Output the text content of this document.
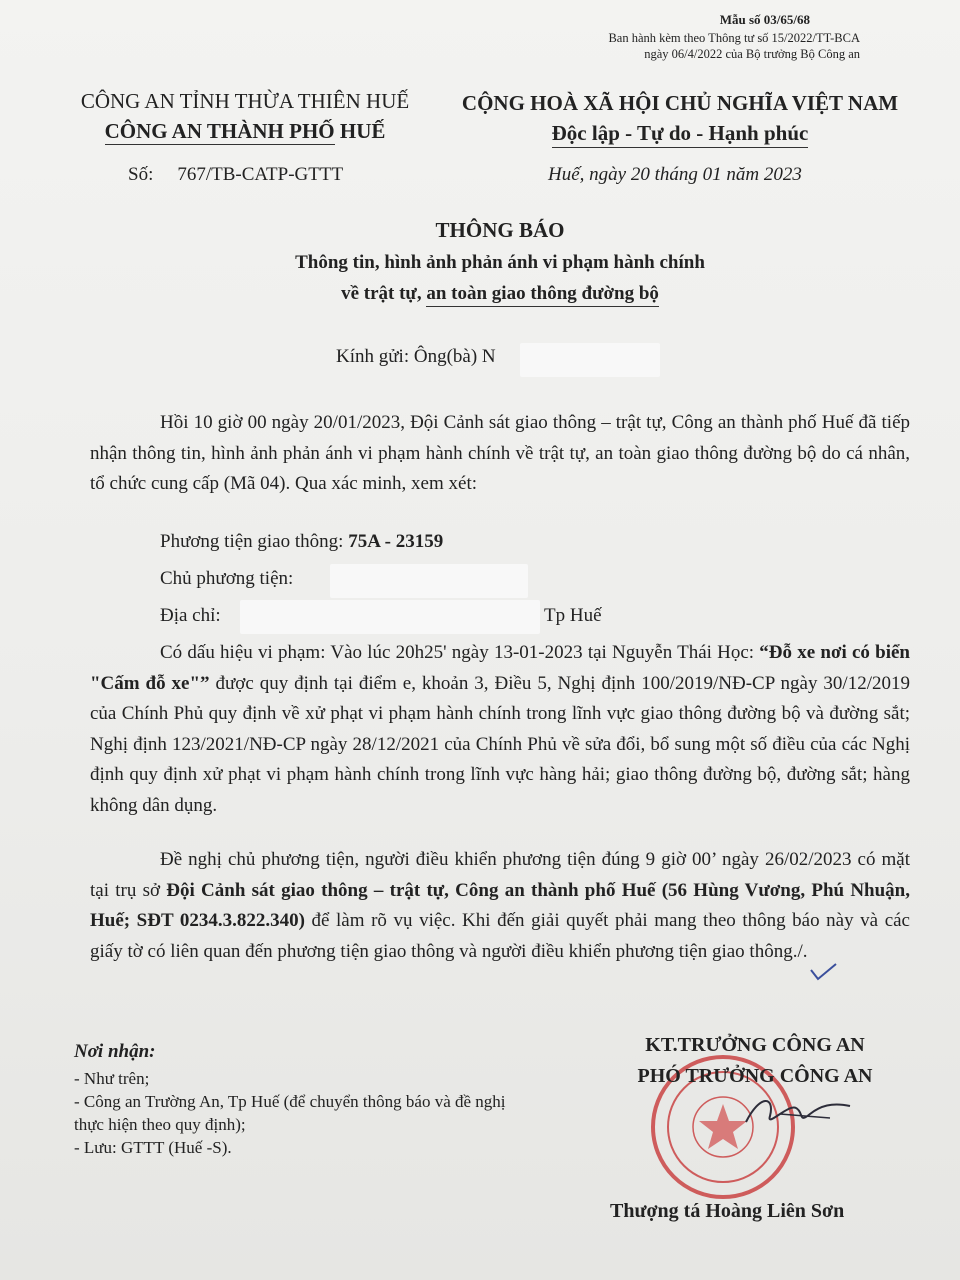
Mẫu số 03/65/68
Ban hành kèm theo Thông tư số 15/2022/TT-BCA
ngày 06/4/2022 của Bộ trưởng Bộ Công an
CÔNG AN TỈNH THỪA THIÊN HUẾ
CÔNG AN THÀNH PHỐ HUẾ
CỘNG HOÀ XÃ HỘI CHỦ NGHĨA VIỆT NAM
Độc lập - Tự do - Hạnh phúc
Số: 767/TB-CATP-GTTT	Huế, ngày 20 tháng 01 năm 2023
THÔNG BÁO
Thông tin, hình ảnh phản ánh vi phạm hành chính
về trật tự, an toàn giao thông đường bộ
Kính gửi: Ông(bà) N

Hồi 10 giờ 00 ngày 20/01/2023, Đội Cảnh sát giao thông – trật tự, Công an thành phố Huế đã tiếp nhận thông tin, hình ảnh phản ánh vi phạm hành chính về trật tự, an toàn giao thông đường bộ do cá nhân, tổ chức cung cấp (Mã 04). Qua xác minh, xem xét:

Phương tiện giao thông: 75A - 23159
Chủ phương tiện:
Địa chỉ:	Tp Huế

Có dấu hiệu vi phạm: Vào lúc 20h25' ngày 13-01-2023 tại Nguyễn Thái Học: “Đỗ xe nơi có biển "Cấm đỗ xe"” được quy định tại điểm e, khoản 3, Điều 5, Nghị định 100/2019/NĐ-CP ngày 30/12/2019 của Chính Phủ quy định về xử phạt vi phạm hành chính trong lĩnh vực giao thông đường bộ và đường sắt; Nghị định 123/2021/NĐ-CP ngày 28/12/2021 của Chính Phủ về sửa đổi, bổ sung một số điều của các Nghị định quy định xử phạt vi phạm hành chính trong lĩnh vực hàng hải; giao thông đường bộ, đường sắt; hàng không dân dụng.

Đề nghị chủ phương tiện, người điều khiển phương tiện đúng 9 giờ 00’ ngày 26/02/2023 có mặt tại trụ sở Đội Cảnh sát giao thông – trật tự, Công an thành phố Huế (56 Hùng Vương, Phú Nhuận, Huế; SĐT 0234.3.822.340) để làm rõ vụ việc. Khi đến giải quyết phải mang theo thông báo này và các giấy tờ có liên quan đến phương tiện giao thông và người điều khiển phương tiện giao thông./.

Nơi nhận:
- Như trên;
- Công an Trường An, Tp Huế (để chuyển thông báo và đề nghị thực hiện theo quy định);
- Lưu: GTTT (Huế -S).
KT.TRƯỞNG CÔNG AN
PHÓ TRƯỞNG CÔNG AN
Thượng tá Hoàng Liên Sơn
